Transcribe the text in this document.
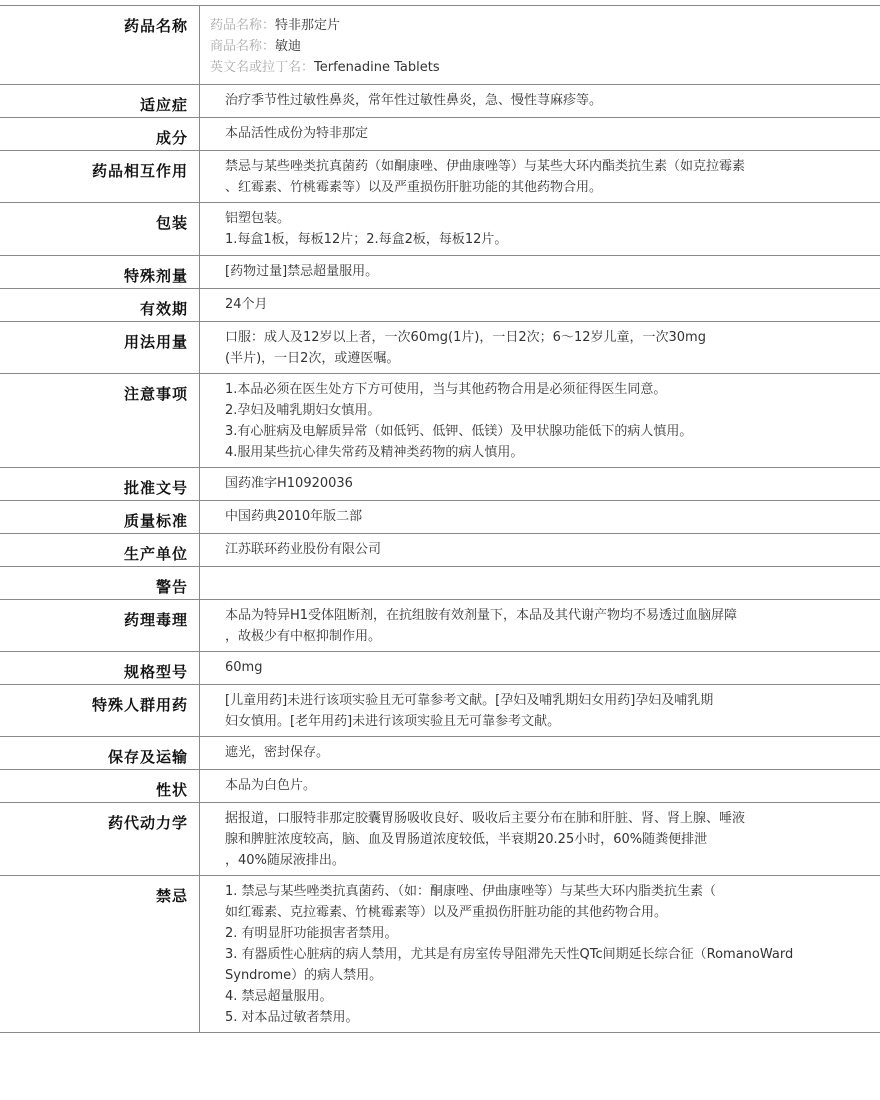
药品名称	药品名称：特非那定片
商品名称：敏迪
英文名或拉丁名：Terfenadine Tablets
适应症	治疗季节性过敏性鼻炎，常年性过敏性鼻炎，急、慢性荨麻疹等。
成分	本品活性成份为特非那定
药品相互作用	禁忌与某些唑类抗真菌药（如酮康唑、伊曲康唑等）与某些大环内酯类抗生素（如克拉霉素
、红霉素、竹桃霉素等）以及严重损伤肝脏功能的其他药物合用。
包装	铝塑包装。
1.每盒1板，每板12片；2.每盒2板，每板12片。
特殊剂量	[药物过量]禁忌超量服用。
有效期	24个月
用法用量	口服：成人及12岁以上者，一次60mg(1片)，一日2次；6～12岁儿童，一次30mg
(半片)，一日2次，或遵医嘱。
注意事项	1.本品必须在医生处方下方可使用，当与其他药物合用是必须征得医生同意。
2.孕妇及哺乳期妇女慎用。
3.有心脏病及电解质异常（如低钙、低钾、低镁）及甲状腺功能低下的病人慎用。
4.服用某些抗心律失常药及精神类药物的病人慎用。
批准文号	国药准字H10920036
质量标准	中国药典2010年版二部
生产单位	江苏联环药业股份有限公司
警告
药理毒理	本品为特异H1受体阻断剂，在抗组胺有效剂量下，本品及其代谢产物均不易透过血脑屏障
，故极少有中枢抑制作用。
规格型号	60mg
特殊人群用药	[儿童用药]未进行该项实验且无可靠参考文献。[孕妇及哺乳期妇女用药]孕妇及哺乳期
妇女慎用。[老年用药]未进行该项实验且无可靠参考文献。
保存及运输	遮光，密封保存。
性状	本品为白色片。
药代动力学	据报道，口服特非那定胶囊胃肠吸收良好、吸收后主要分布在肺和肝脏、肾、肾上腺、唾液
腺和脾脏浓度较高，脑、血及胃肠道浓度较低，半衰期20.25小时，60%随粪便排泄
，40%随尿液排出。
禁忌	1. 禁忌与某些唑类抗真菌药、（如：酮康唑、伊曲康唑等）与某些大环内脂类抗生素（
如红霉素、克拉霉素、竹桃霉素等）以及严重损伤肝脏功能的其他药物合用。
2. 有明显肝功能损害者禁用。
3. 有器质性心脏病的病人禁用，尤其是有房室传导阻滞先天性QTc间期延长综合征（RomanoWard
Syndrome）的病人禁用。
4. 禁忌超量服用。
5. 对本品过敏者禁用。
